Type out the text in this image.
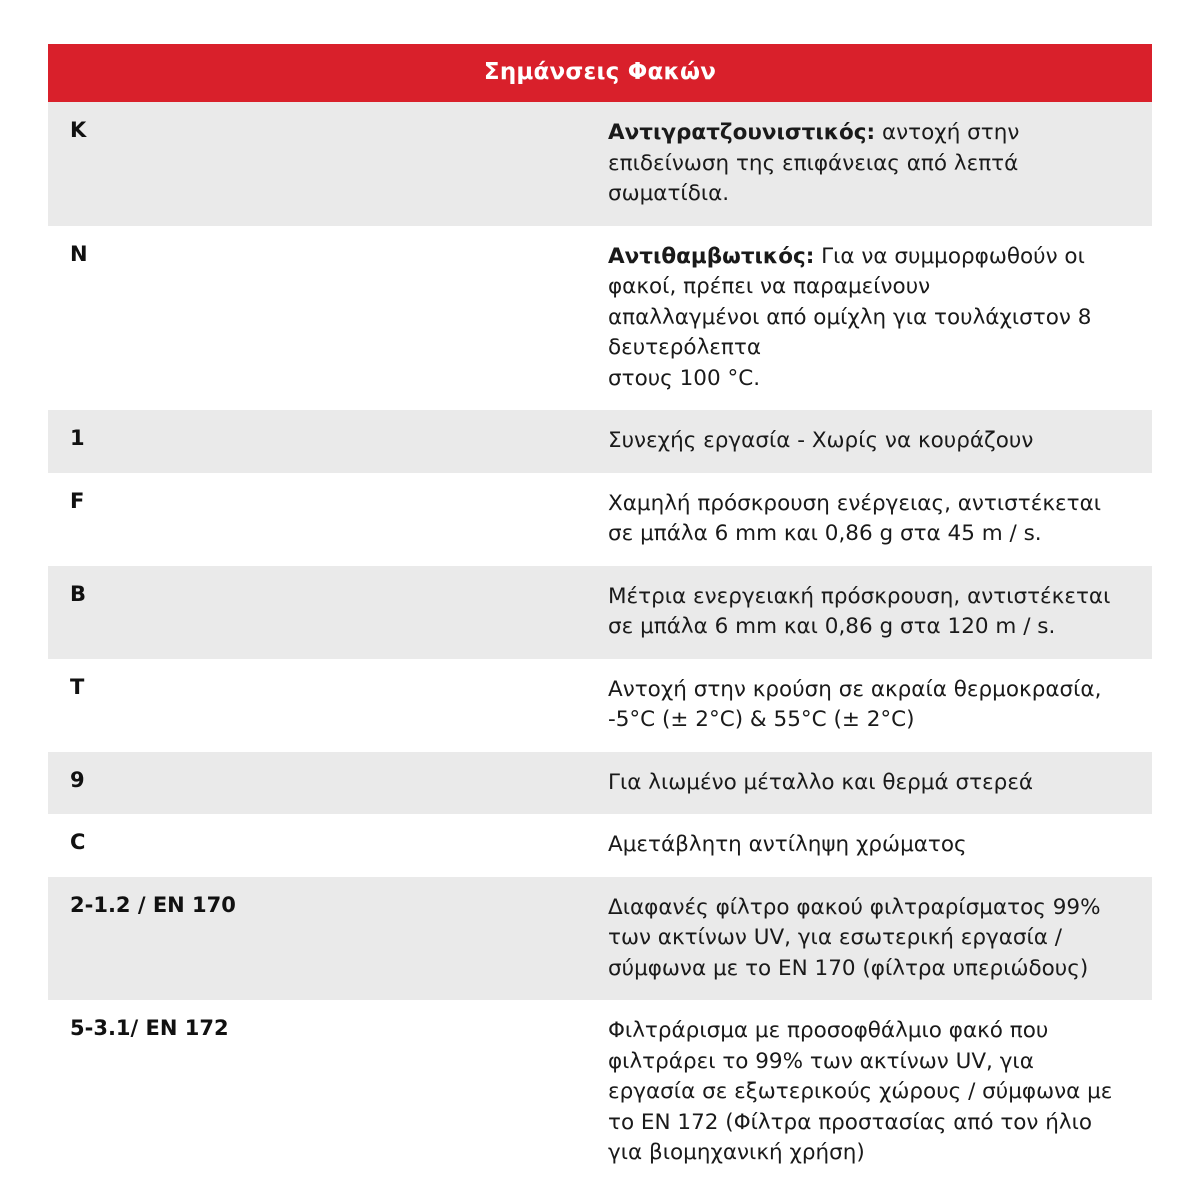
Σημάνσεις Φακών	
K	Αντιγρατζουνιστικός: αντοχή στην επιδείνωση της επιφάνειας από λεπτά σωματίδια.
N	Αντιθαμβωτικός: Για να συμμορφωθούν οι φακοί, πρέπει να παραμείνουν
απαλλαγμένοι από ομίχλη για τουλάχιστον 8 δευτερόλεπτα
στους 100 °C.

1	Συνεχής εργασία - Χωρίς να κουράζουν
F	Χαμηλή πρόσκρουση ενέργειας, αντιστέκεται σε μπάλα 6 mm και 0,86 g στα 45 m / s.
B	Μέτρια ενεργειακή πρόσκρουση, αντιστέκεται σε μπάλα 6 mm και 0,86 g στα 120 m / s.
T	Αντοχή στην κρούση σε ακραία θερμοκρασία, -5°C (± 2°C) & 55°C (± 2°C)
9	Για λιωμένο μέταλλο και θερμά στερεά
C	Αμετάβλητη αντίληψη χρώματος
2-1.2 / EN 170	Διαφανές φίλτρο φακού φιλτραρίσματος 99% των ακτίνων UV, για εσωτερική εργασία / σύμφωνα με το EN 170 (φίλτρα υπεριώδους)
5-3.1/ EN 172	Φιλτράρισμα με προσοφθάλμιο φακό που φιλτράρει το 99% των ακτίνων UV, για εργασία σε εξωτερικούς χώρους / σύμφωνα με το EN 172 (Φίλτρα προστασίας από τον ήλιο για βιομηχανική χρήση)
